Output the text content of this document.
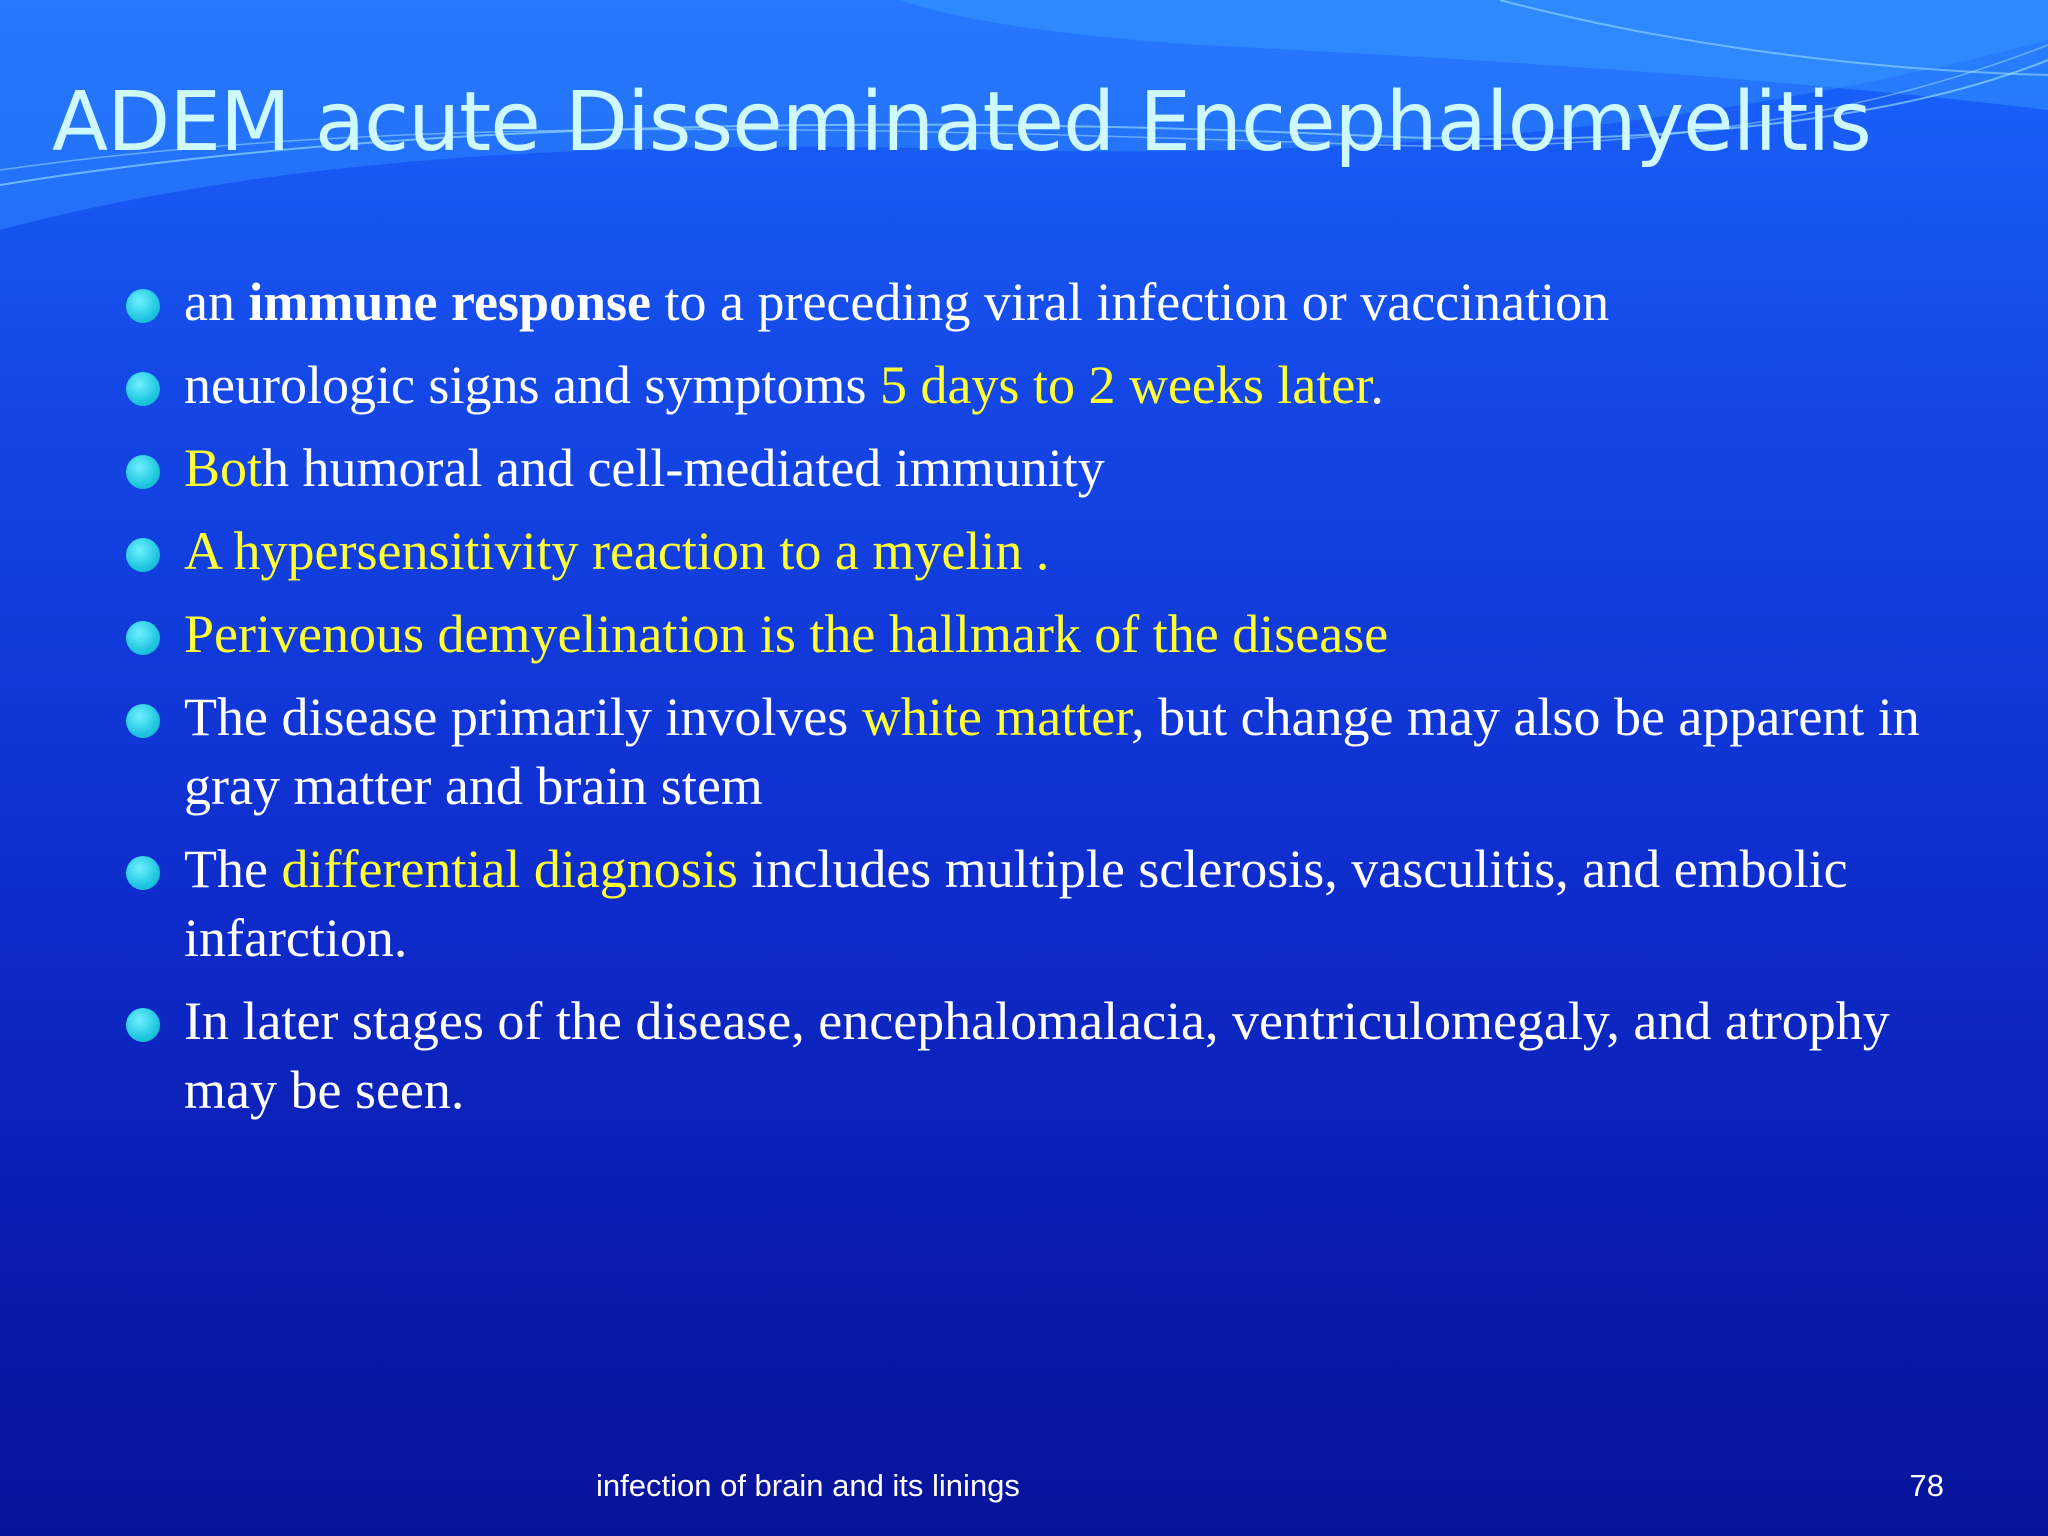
ADEM acute Disseminated Encephalomyelitis
an immune response to a preceding viral infection or vaccination
neurologic signs and symptoms 5 days to 2 weeks later.
Both humoral and cell-mediated immunity
A hypersensitivity reaction to a myelin .
Perivenous demyelination is the hallmark of the disease
The disease primarily involves white matter, but change may also be apparent in gray matter and brain stem
The differential diagnosis includes multiple sclerosis, vasculitis, and embolic infarction.
In later stages of the disease, encephalomalacia, ventriculomegaly, and atrophy may be seen.
infection of brain and its linings	78
